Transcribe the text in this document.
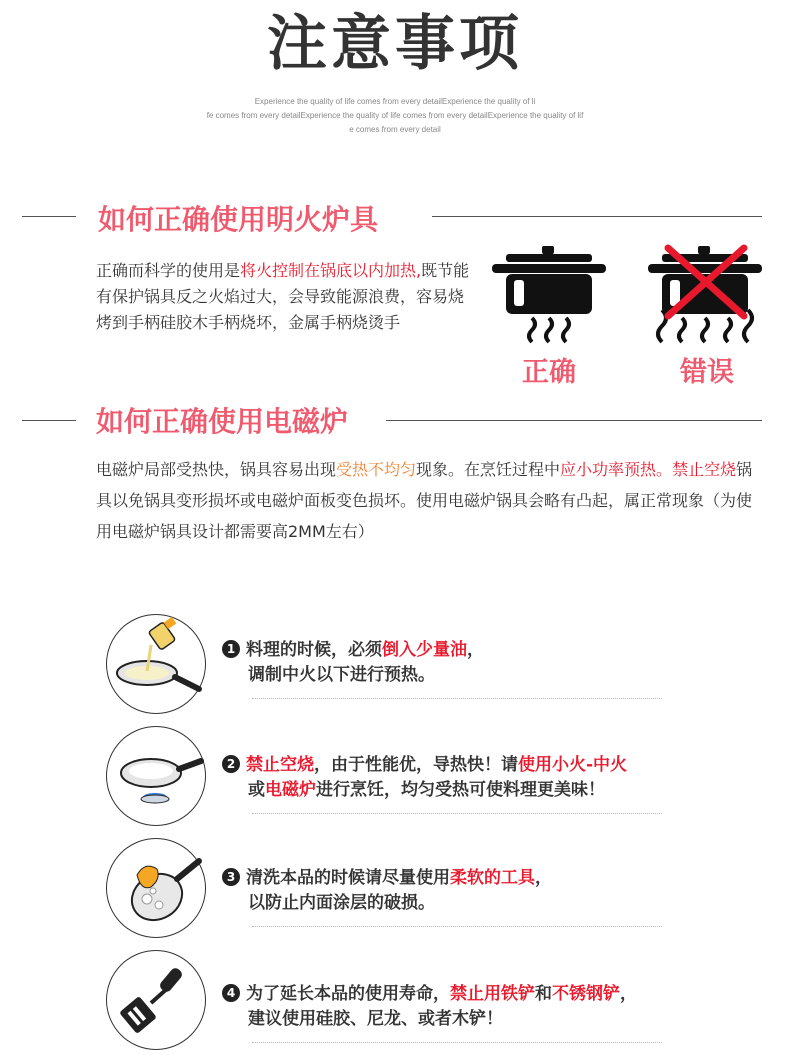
注意事项
Experience the quality of life comes from every detailExperience the quality of li
fe comes from every detailExperience the quality of life comes from every detailExperience the quality of lif
e comes from every detail
如何正确使用明火炉具
正确而科学的使用是将火控制在锅底以内加热,既节能有保护锅具反之火焰过大，会导致能源浪费，容易烧烤到手柄硅胶木手柄烧坏，金属手柄烧烫手
正确	错误
如何正确使用电磁炉
电磁炉局部受热快，锅具容易出现受热不均匀现象。在烹饪过程中应小功率预热。禁止空烧锅具以免锅具变形损坏或电磁炉面板变色损坏。使用电磁炉锅具会略有凸起，属正常现象（为使用电磁炉锅具设计都需要高2MM左右）
1 料理的时候，必须倒入少量油，
调制中火以下进行预热。
2 禁止空烧，由于性能优，导热快！请使用小火-中火
或电磁炉进行烹饪，均匀受热可使料理更美味！
3 清洗本品的时候请尽量使用柔软的工具，
以防止内面涂层的破损。
4 为了延长本品的使用寿命，禁止用铁铲和不锈钢铲，
建议使用硅胶、尼龙、或者木铲！
